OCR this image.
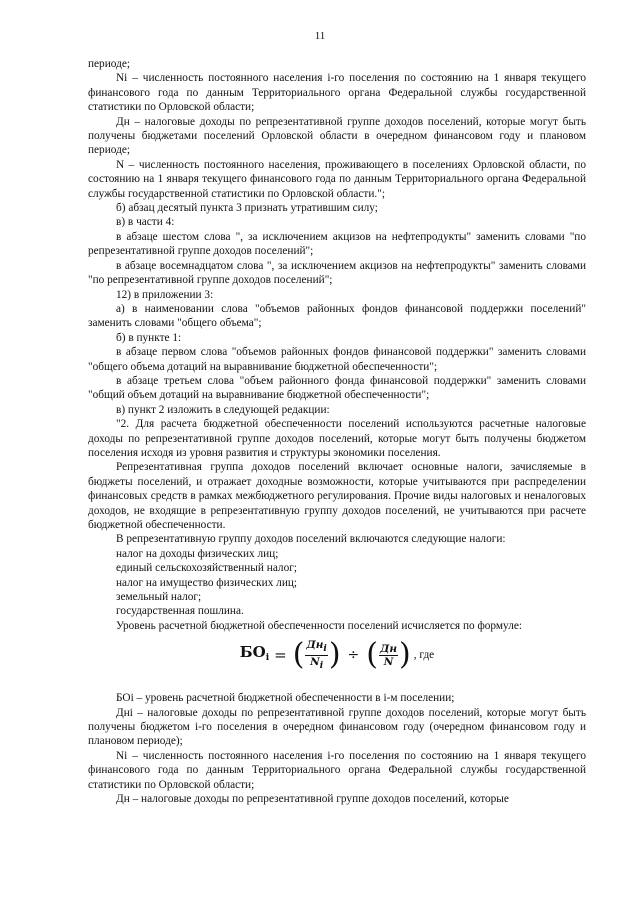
11

периоде;

Ni – численность постоянного населения i-го поселения по состоянию на 1 января текущего финансового года по данным Территориального органа Федеральной службы государственной статистики по Орловской области;

Дн – налоговые доходы по репрезентативной группе доходов поселений, которые могут быть получены бюджетами поселений Орловской области в очередном финансовом году и плановом периоде;

N – численность постоянного населения, проживающего в поселениях Орловской области, по состоянию на 1 января текущего финансового года по данным Территориального органа Федеральной службы государственной статистики по Орловской области.";

б) абзац десятый пункта 3 признать утратившим силу;

в) в части 4:

в абзаце шестом слова ", за исключением акцизов на нефтепродукты" заменить словами "по репрезентативной группе доходов поселений";

в абзаце восемнадцатом слова ", за исключением акцизов на нефтепродукты" заменить словами "по репрезентативной группе доходов поселений";

12) в приложении 3:

а) в наименовании слова "объемов районных фондов финансовой поддержки поселений" заменить словами "общего объема";

б) в пункте 1:

в абзаце первом слова "объемов районных фондов финансовой поддержки" заменить словами "общего объема дотаций на выравнивание бюджетной обеспеченности";

в абзаце третьем слова "объем районного фонда финансовой поддержки" заменить словами "общий объем дотаций на выравнивание бюджетной обеспеченности";

в) пункт 2 изложить в следующей редакции:

"2. Для расчета бюджетной обеспеченности поселений используются расчетные налоговые доходы по репрезентативной группе доходов поселений, которые могут быть получены бюджетом поселения исходя из уровня развития и структуры экономики поселения.

Репрезентативная группа доходов поселений включает основные налоги, зачисляемые в бюджеты поселений, и отражает доходные возможности, которые учитываются при распределении финансовых средств в рамках межбюджетного регулирования. Прочие виды налоговых и неналоговых доходов, не входящие в репрезентативную группу доходов поселений, не учитываются при расчете бюджетной обеспеченности.

В репрезентативную группу доходов поселений включаются следующие налоги:

налог на доходы физических лиц;

единый сельскохозяйственный налог;

налог на имущество физических лиц;

земельный налог;

государственная пошлина.

Уровень расчетной бюджетной обеспеченности поселений исчисляется по формуле:

$БО_i$ = ( $\frac{\text{Днi}}{Ni}$ ) ÷ ( $\frac{Дн}{N}$ ) , где

БОi – уровень расчетной бюджетной обеспеченности в i-м поселении;

Днi – налоговые доходы по репрезентативной группе доходов поселений, которые могут быть получены бюджетом i-го поселения в очередном финансовом году (очередном финансовом году и плановом периоде);

Ni – численность постоянного населения i-го поселения по состоянию на 1 января текущего финансового года по данным Территориального органа Федеральной службы государственной статистики по Орловской области;

Дн – налоговые доходы по репрезентативной группе доходов поселений, которые
